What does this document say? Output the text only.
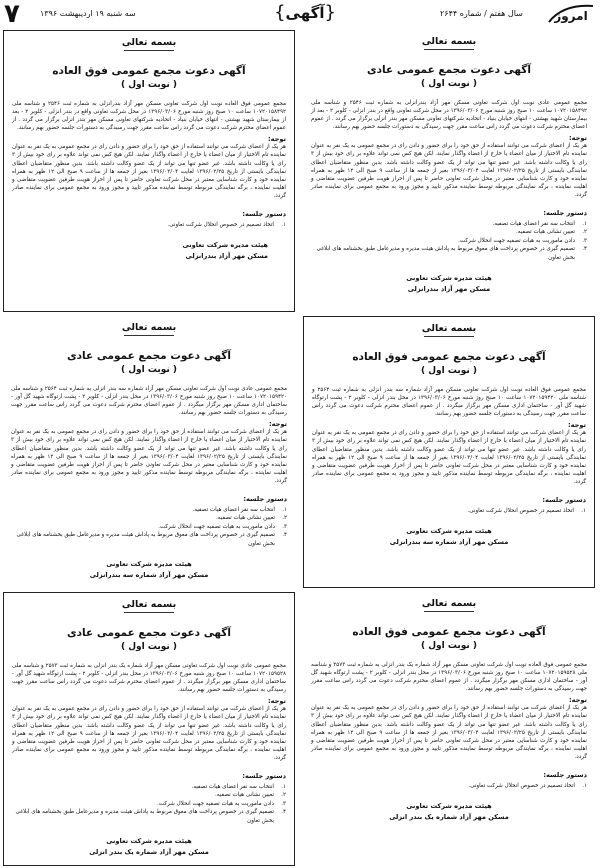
۷	سه شنبه ۱۹ اردیبهشت ۱۳۹۶	{آگهی}	سال هفتم / شماره ۲۶۴۴	امروز
بسمه تعالی
آگهی دعوت مجمع عمومی عادی
( نوبت اول )
مجمع عمومی عادی نوبت اول شرکت تعاونی مسکن مهر آزاد بندرانزلی به شماره ثبت ۲۵۴۶ و شناسه ملی ۱۰۷۲۰۱۵۸۴۹۲ ساعت ۱۰ صبح روز شنبه مورخ ۱۳۹۶/۰۳/۰۶ در محل شرکت تعاونی واقع در بندر انزلی - کلوبر ۲ - بعد از بیمارستان شهید بهشتی - انتهای خیابان بنیاد - اتحادیه شرکتهای تعاونی مسکن مهر بندر انزلی برگزار می گردد . از عموم اعضای محترم شرکت دعوت می گردد راس ساعت مقرر جهت رسیدگی به دستورات جلسه حضور بهم رسانند.
توجه:
هر یک از اعضای شرکت می توانند استفاده از حق خود را برای حضور و دادن رای در مجمع عمومی به یک نفر به عنوان نماینده تام الاختیار از میان اعضاء یا خارج از اعضاء واگذار نمایند. لکن هیچ کس نمی تواند علاوه بر رای خود بیش از ۳ رای یا وکالت داشته باشد. غیر عضو تنها می تواند از یک عضو وکالت داشته باشد. بدین منظور متقاضیان اعطای نمایندگی بایستی از تاریخ ۱۳۹۶/۰۲/۲۵ لغایت ۱۳۹۶/۰۳/۰۴ بغیر از جمعه ها از ساعت ۹ صبح الی ۱۲ ظهر به همراه نماینده خود و کارت شناسایی معتبر در محل شرکت تعاونی حاضر تا پس از احراز هویت طرفین عضویت متقاضی و اهلیت نماینده ، برگه نمایندگی مربوطه توسط نماینده مذکور تایید و مجوز ورود به مجمع عمومی برای نماینده صادر گردد.
دستور جلسه:
۱.
انتخاب سه نفر اعضای هیات تصفیه.
۲.
تعیین نشانی هیات تصفیه.
۳.
دادن ماموریت به هیات تصفیه جهت انحلال شرکت.
۴.
تصمیم گیری در خصوص پرداخت های معوق مربوط به پاداش هیئت مدیره و مدیرعامل طبق بخشنامه های ابلاغی بخش تعاون
هیئت مدیره شرکت تعاونی
مسکن مهر آزاد بندرانزلی
بسمه تعالی
آگهی دعوت مجمع عمومی فوق العاده
( نوبت اول )
مجمع عمومی فوق العاده نوبت اول شرکت تعاونی مسکن مهر آزاد بندرانزلی به شماره ثبت ۲۵۴۶ و شناسه ملی ۱۰۷۲۰۱۵۸۴۹۲ ساعت ۱۰ صبح روز شنبه مورخ ۱۳۹۶/۰۳/۰۶ در محل شرکت تعاونی واقع در بندر انزلی - کلوبر ۲ - بعد از بیمارستان شهید بهشتی - انتهای خیابان بنیاد - اتحادیه شرکتهای تعاونی مسکن مهر بندر انزلی برگزار می گردد . از عموم اعضای محترم شرکت دعوت می گردد راس ساعت مقرر جهت رسیدگی به دستورات جلسه حضور بهم رسانند.
توجه:
هر یک از اعضای شرکت می توانند استفاده از حق خود را برای حضور و دادن رای در مجمع عمومی به یک نفر به عنوان نماینده تام الاختیار از میان اعضاء یا خارج از اعضاء واگذار نمایند. لکن هیچ کس نمی تواند علاوه بر رای خود بیش از ۳ رای یا وکالت داشته باشد. غیر عضو تنها می تواند از یک عضو وکالت داشته باشد. بدین منظور متقاضیان اعطای نمایندگی بایستی از تاریخ ۱۳۹۶/۰۲/۲۵ لغایت ۱۳۹۶/۰۳/۰۴ بغیر از جمعه ها از ساعت ۹ صبح الی ۱۲ ظهر به همراه نماینده خود و کارت شناسایی معتبر در محل شرکت تعاونی حاضر تا پس از احراز هویت طرفین عضویت متقاضی و اهلیت نماینده ، برگه نمایندگی مربوطه توسط نماینده مذکور تایید و مجوز ورود به مجمع عمومی برای نماینده صادر گردد.
دستور جلسه:
۱.
اتخاذ تصمیم در خصوص انحلال شرکت تعاونی.
هیئت مدیره شرکت تعاونی
مسکن مهر آزاد بندرانزلی
بسمه تعالی
آگهی دعوت مجمع عمومی فوق العاده
( نوبت اول )
مجمع عمومی فوق العاده نوبت اول شرکت تعاونی مسکن مهر آزاد شماره سه بندر انزلی به شماره ثبت ۲۵۶۴ و شناسه ملی ۱۰۷۲۰۱۵۹۴۲۰ ساعت ۱۰ صبح روز شنبه مورخ ۱۳۹۶/۰۳/۰۶ در محل بندر انزلی - کلوبر ۲ - پشت ارتوگاه شهید گل آور - ساختمان اداری مسکن مهر برگزار میگردد . از عموم اعضای محترم شرکت دعوت می گردد راس ساعت مقرر جهت رسیدگی به دستورات جلسه حضور بهم رسانند.
توجه:
هر یک از اعضای شرکت می توانند استفاده از حق خود را برای حضور و دادن رای در مجمع عمومی به یک نفر به عنوان نماینده تام الاختیار از میان اعضاء یا خارج از اعضاء واگذار نمایند. لکن هیچ کس نمی تواند علاوه بر رای خود بیش از ۳ رای یا وکالت داشته باشد. غیر عضو تنها می تواند از یک عضو وکالت داشته باشد. بدین منظور متقاضیان اعطای نمایندگی بایستی از تاریخ ۱۳۹۶/۰۲/۲۵ لغایت ۱۳۹۶/۰۳/۰۴ بغیر از جمعه ها از ساعت ۹ صبح الی ۱۲ ظهر به همراه نماینده خود و کارت شناسایی معتبر در محل شرکت تعاونی حاضر تا پس از احراز هویت طرفین عضویت متقاضی و اهلیت نماینده ، برگه نمایندگی مربوطه توسط نماینده مذکور تایید و مجوز ورود به مجمع عمومی برای نماینده صادر گردد.
دستور جلسه:
۱.
اتخاذ تصمیم در خصوص انحلال شرکت تعاونی.
هیئت مدیره شرکت تعاونی
مسکن مهر آزاد شماره سه بندرانزلی
بسمه تعالی
آگهی دعوت مجمع عمومی عادی
( نوبت اول )
مجمع عمومی عادی نوبت اول شرکت تعاونی مسکن مهر آزاد شماره سه بندر انزلی به شماره ثبت ۲۵۶۴ و شناسه ملی ۱۰۷۲۰۱۵۹۴۲۰ ساعت ۱۰ صبح روز شنبه مورخ ۱۳۹۶/۰۳/۰۶ در محل بندر انزلی - کلوبر ۲ - پشت ارتوگاه شهید گل آور - ساختمان اداری مسکن مهر برگزار میگردد . از عموم اعضای محترم شرکت دعوت می گردد راس ساعت مقرر جهت رسیدگی به دستورات جلسه حضور بهم رسانند.
توجه:
هر یک از اعضای شرکت می توانند استفاده از حق خود را برای حضور و دادن رای در مجمع عمومی به یک نفر به عنوان نماینده تام الاختیار از میان اعضاء یا خارج از اعضاء واگذار نمایند. لکن هیچ کس نمی تواند علاوه بر رای خود بیش از ۳ رای یا وکالت داشته باشد. غیر عضو تنها می تواند از یک عضو وکالت داشته باشد. بدین منظور متقاضیان اعطای نمایندگی بایستی از تاریخ ۱۳۹۶/۰۲/۲۵ لغایت ۱۳۹۶/۰۳/۰۴ بغیر از جمعه ها از ساعت ۹ صبح الی ۱۲ ظهر به همراه نماینده خود و کارت شناسایی معتبر در محل شرکت تعاونی حاضر تا پس از احراز هویت طرفین عضویت متقاضی و اهلیت نماینده ، برگه نمایندگی مربوطه توسط نماینده مذکور تایید و مجوز ورود به مجمع عمومی برای نماینده صادر گردد.
دستور جلسه:
۱.
انتخاب سه نفر اعضای هیات تصفیه.
۲.
تعیین نشانی هیات تصفیه.
۳.
دادن ماموریت به هیات تصفیه جهت انحلال شرکت.
۴.
تصمیم گیری در خصوص پرداخت های معوق مربوط به پاداش هیئت مدیره و مدیرعامل طبق بخشنامه های ابلاغی بخش تعاون
هیئت مدیره شرکت تعاونی
مسکن مهر آزاد شماره سه بندرانزلی
بسمه تعالی
آگهی دعوت مجمع عمومی فوق العاده
( نوبت اول )
مجمع عمومی فوق العاده نوبت اول شرکت تعاونی مسکن مهر آزاد شماره یک بندر انزلی به شماره ثبت ۲۵۷۳ و شناسه ملی ۱۰۷۲۰۱۵۹۵۲۸ ساعت ۱۰ صبح روز شنبه مورخ ۱۳۹۶/۰۳/۰۶ در محل بندر انزلی - کلوبر ۲ - پشت ارتوگاه شهید گل آور - ساختمان اداری مسکن مهر برگزار میگردد . از عموم اعضای محترم شرکت دعوت می گردد راس ساعت مقرر جهت رسیدگی به دستورات جلسه حضور بهم رسانند.
توجه:
هر یک از اعضای شرکت می توانند استفاده از حق خود را برای حضور و دادن رای در مجمع عمومی به یک نفر به عنوان نماینده تام الاختیار از میان اعضاء یا خارج از اعضاء واگذار نمایند. لکن هیچ کس نمی تواند علاوه بر رای خود بیش از ۳ رای یا وکالت داشته باشد. غیر عضو تنها می تواند از یک عضو وکالت داشته باشد. بدین منظور متقاضیان اعطای نمایندگی بایستی از تاریخ ۱۳۹۶/۰۲/۲۵ لغایت ۱۳۹۶/۰۳/۰۴ بغیر از جمعه ها از ساعت ۹ صبح الی ۱۲ ظهر به همراه نماینده خود و کارت شناسایی معتبر در محل شرکت تعاونی حاضر تا پس از احراز هویت طرفین عضویت متقاضی و اهلیت نماینده ، برگه نمایندگی مربوطه توسط نماینده مذکور تایید و مجوز ورود به مجمع عمومی برای نماینده صادر گردد.
دستور جلسه:
۱.
اتخاذ تصمیم در خصوص انحلال شرکت تعاونی.
هیئت مدیره شرکت تعاونی
مسکن مهر آزاد شماره یک بندر انزلی
بسمه تعالی
آگهی دعوت مجمع عمومی عادی
( نوبت اول )
مجمع عمومی عادی نوبت اول شرکت تعاونی مسکن مهر آزاد شماره یک بندر انزلی به شماره ثبت ۲۵۷۳ و شناسه ملی ۱۰۷۲۰۱۵۹۵۲۸ ساعت ۱۰ صبح روز شنبه مورخ ۱۳۹۶/۰۳/۰۶ در محل بندر انزلی - کلوبر ۲ - پشت ارتوگاه شهید گل آور - ساختمان اداری مسکن مهر برگزار میگردد . از عموم اعضای محترم شرکت دعوت می گردد راس ساعت مقرر جهت رسیدگی به دستورات جلسه حضور بهم رسانند.
توجه:
هر یک از اعضای شرکت می توانند استفاده از حق خود را برای حضور و دادن رای در مجمع عمومی به یک نفر به عنوان نماینده تام الاختیار از میان اعضاء یا خارج از اعضاء واگذار نمایند. لکن هیچ کس نمی تواند علاوه بر رای خود بیش از ۳ رای یا وکالت داشته باشد. غیر عضو تنها می تواند از یک عضو وکالت داشته باشد. بدین منظور متقاضیان اعطای نمایندگی بایستی از تاریخ ۱۳۹۶/۰۲/۲۵ لغایت ۱۳۹۶/۰۳/۰۴ بغیر از جمعه ها از ساعت ۹ صبح الی ۱۲ ظهر به همراه نماینده خود و کارت شناسایی معتبر در محل شرکت تعاونی حاضر تا پس از احراز هویت طرفین عضویت متقاضی و اهلیت نماینده ، برگه نمایندگی مربوطه توسط نماینده مذکور تایید و مجوز ورود به مجمع عمومی برای نماینده صادر گردد.
دستور جلسه:
۱.
انتخاب سه نفر اعضای هیات تصفیه.
۲.
تعیین نشانی هیات تصفیه.
۳.
دادن ماموریت به هیات تصفیه جهت انحلال شرکت.
۴.
تصمیم گیری در خصوص پرداخت های معوق مربوط به پاداش هیئت مدیره و مدیرعامل طبق بخشنامه های ابلاغی بخش تعاون
هیئت مدیره شرکت تعاونی
مسکن مهر آزاد شماره یک بندر انزلی
